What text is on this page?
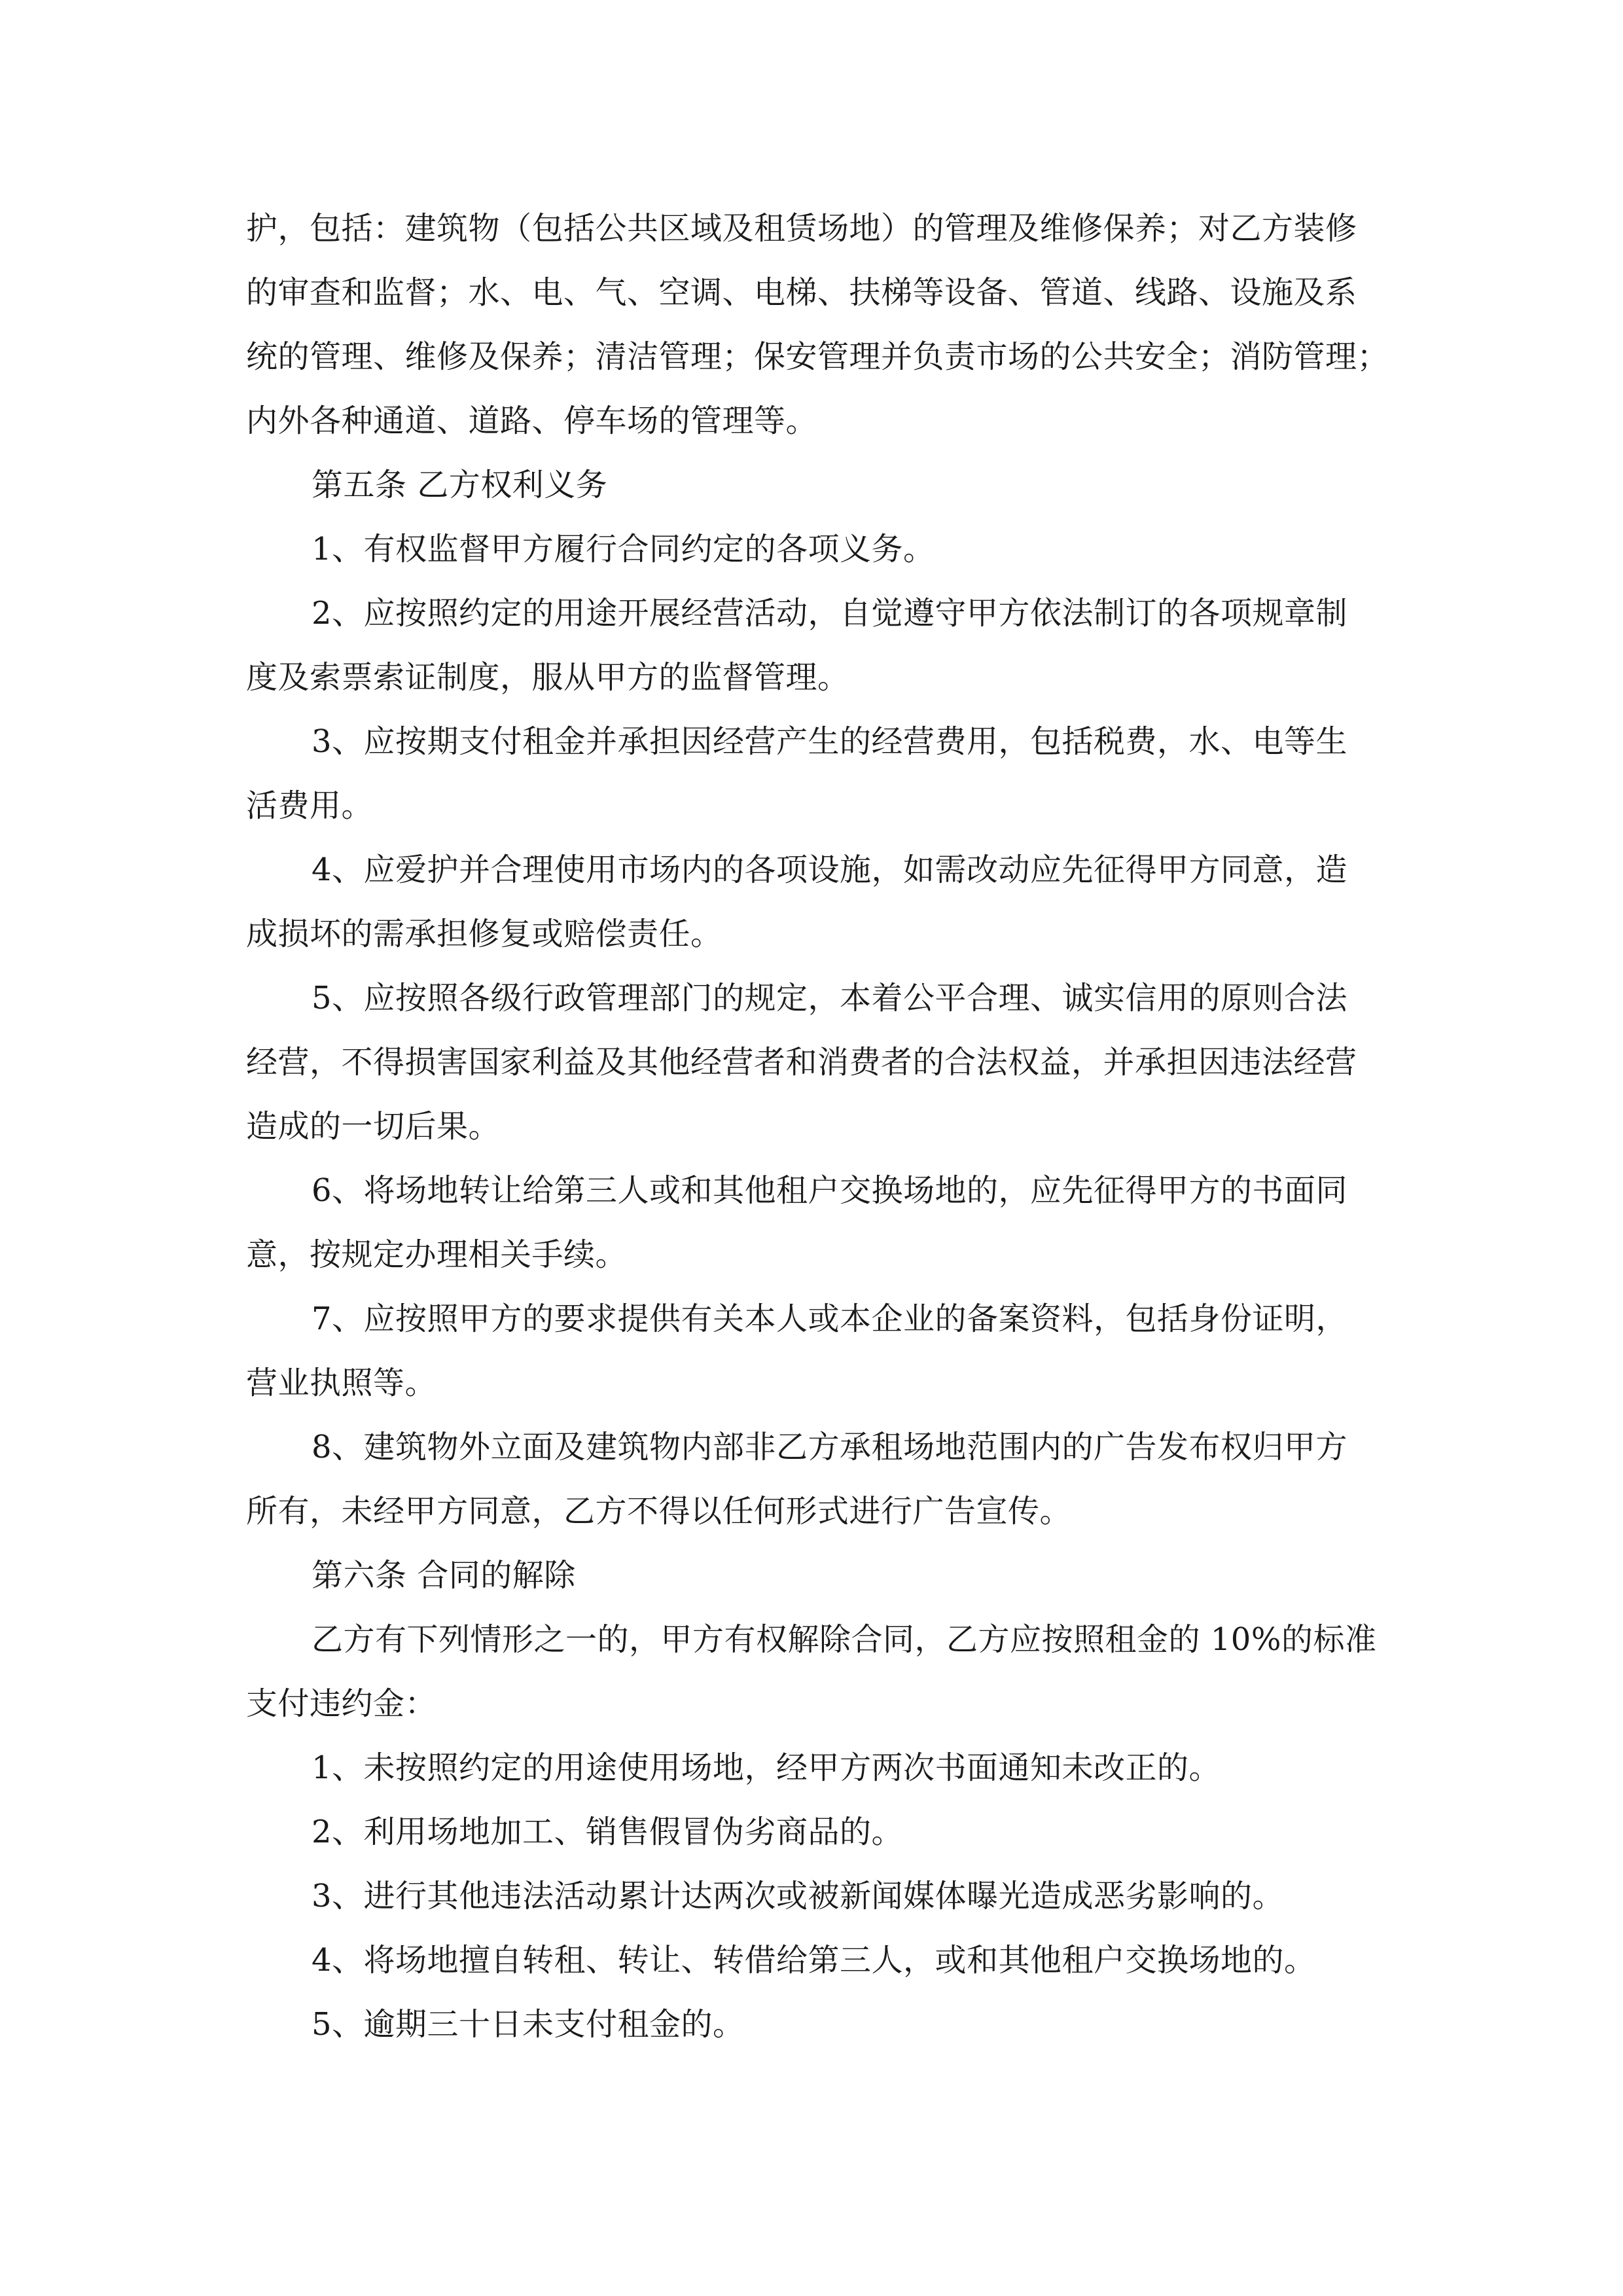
护，包括：建筑物（包括公共区域及租赁场地）的管理及维修保养；对乙方装修
的审查和监督；水、电、气、空调、电梯、扶梯等设备、管道、线路、设施及系
统的管理、维修及保养；清洁管理；保安管理并负责市场的公共安全；消防管理；
内外各种通道、道路、停车场的管理等。
第五条 乙方权利义务
1、有权监督甲方履行合同约定的各项义务。
2、应按照约定的用途开展经营活动，自觉遵守甲方依法制订的各项规章制
度及索票索证制度，服从甲方的监督管理。
3、应按期支付租金并承担因经营产生的经营费用，包括税费，水、电等生
活费用。
4、应爱护并合理使用市场内的各项设施，如需改动应先征得甲方同意，造
成损坏的需承担修复或赔偿责任。
5、应按照各级行政管理部门的规定，本着公平合理、诚实信用的原则合法
经营，不得损害国家利益及其他经营者和消费者的合法权益，并承担因违法经营
造成的一切后果。
6、将场地转让给第三人或和其他租户交换场地的，应先征得甲方的书面同
意，按规定办理相关手续。
7、应按照甲方的要求提供有关本人或本企业的备案资料，包括身份证明，
营业执照等。
8、建筑物外立面及建筑物内部非乙方承租场地范围内的广告发布权归甲方
所有，未经甲方同意，乙方不得以任何形式进行广告宣传。
第六条 合同的解除
乙方有下列情形之一的，甲方有权解除合同，乙方应按照租金的 10%的标准
支付违约金：
1、未按照约定的用途使用场地，经甲方两次书面通知未改正的。
2、利用场地加工、销售假冒伪劣商品的。
3、进行其他违法活动累计达两次或被新闻媒体曝光造成恶劣影响的。
4、将场地擅自转租、转让、转借给第三人，或和其他租户交换场地的。
5、逾期三十日未支付租金的。
